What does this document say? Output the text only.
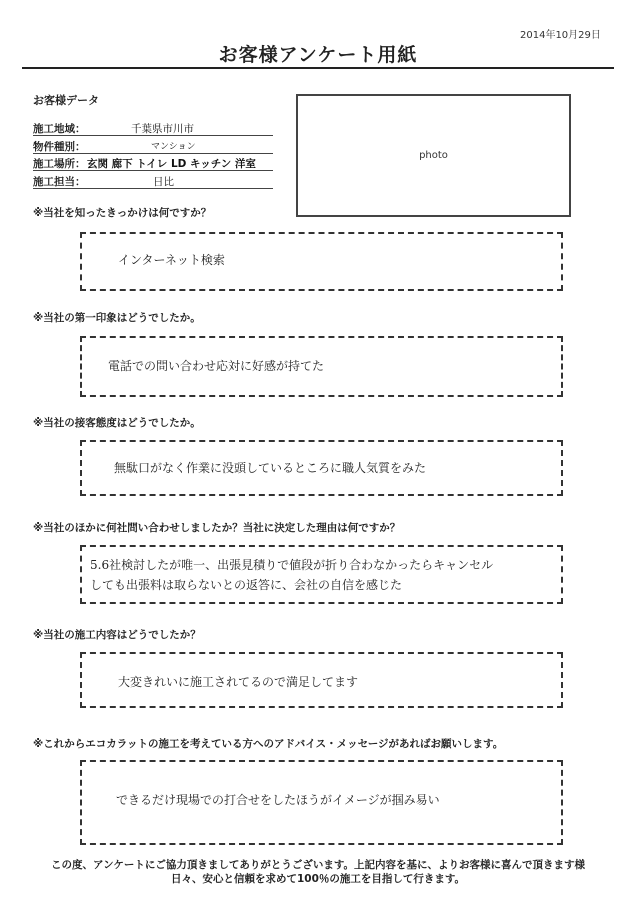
2014年10月29日
お客様アンケート用紙
お客様データ
施工地域：	千葉県市川市
物件種別：	マンション
施工場所： 玄関 廊下 トイレ LD キッチン 洋室
施工担当：	日比
photo
※当社を知ったきっかけは何ですか？
インターネット検索
※当社の第一印象はどうでしたか。
電話での問い合わせ応対に好感が持てた
※当社の接客態度はどうでしたか。
無駄口がなく作業に没頭しているところに職人気質をみた
※当社のほかに何社問い合わせしましたか？当社に決定した理由は何ですか？
5.6社検討したが唯一、出張見積りで値段が折り合わなかったらキャンセル
しても出張料は取らないとの返答に、会社の自信を感じた
※当社の施工内容はどうでしたか？
大変きれいに施工されてるので満足してます
※これからエコカラットの施工を考えている方へのアドバイス・メッセージがあればお願いします。
できるだけ現場での打合せをしたほうがイメージが掴み易い
この度、アンケートにご協力頂きましてありがとうございます。上記内容を基に、よりお客様に喜んで頂きます様
日々、安心と信頼を求めて100％の施工を目指して行きます。
